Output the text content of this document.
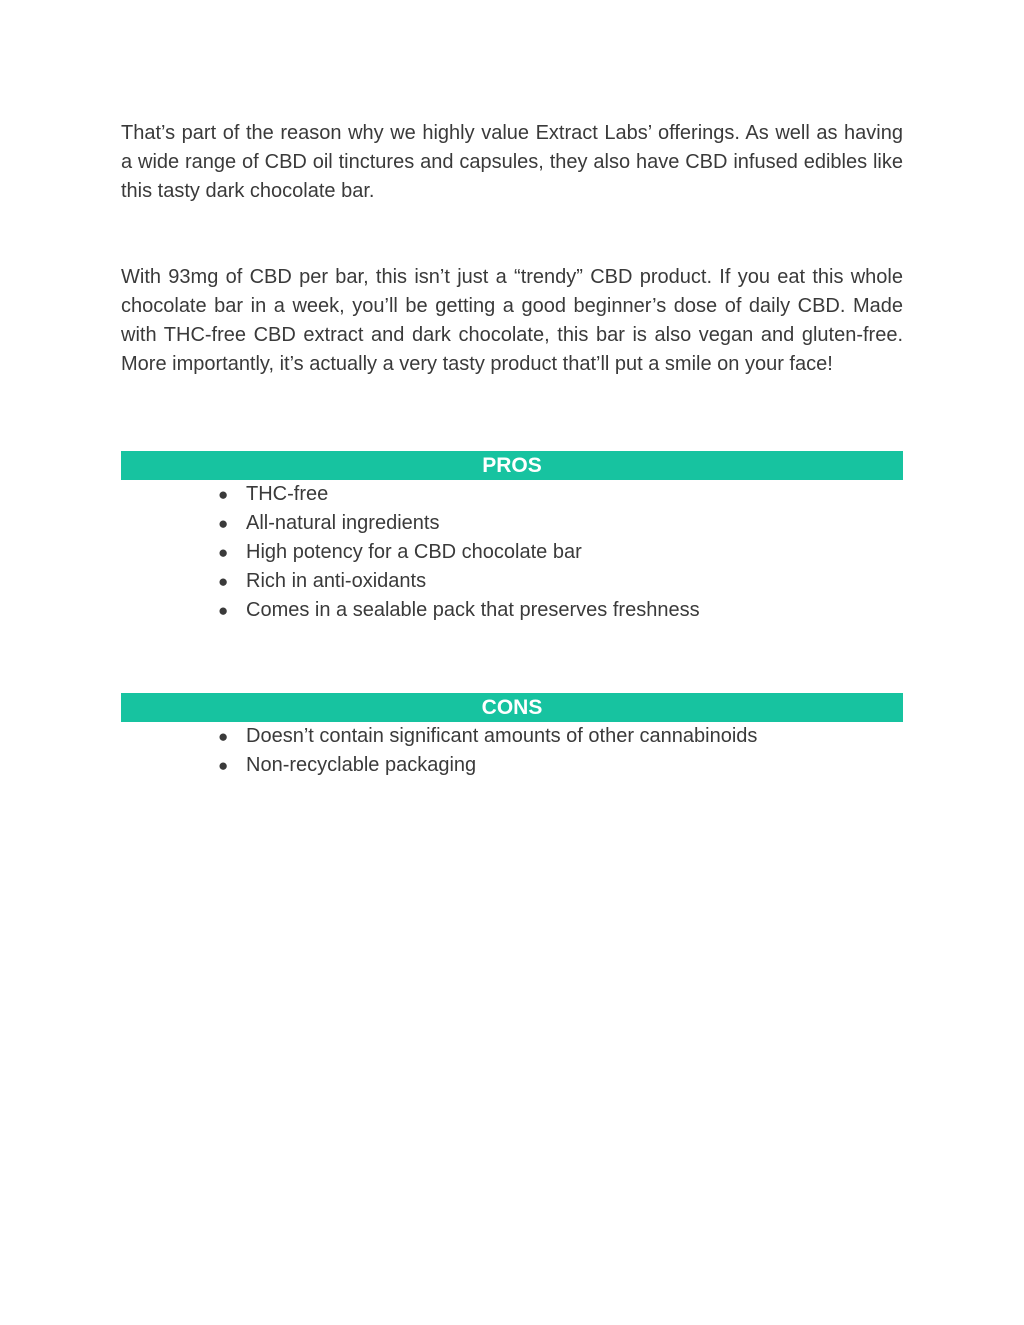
That’s part of the reason why we highly value Extract Labs’ offerings. As well as having a wide range of CBD oil tinctures and capsules, they also have CBD infused edibles like this tasty dark chocolate bar.

With 93mg of CBD per bar, this isn’t just a “trendy” CBD product. If you eat this whole chocolate bar in a week, you’ll be getting a good beginner’s dose of daily CBD. Made with THC-free CBD extract and dark chocolate, this bar is also vegan and gluten-free. More importantly, it’s actually a very tasty product that’ll put a smile on your face!

PROS
● THC-free
● All-natural ingredients
● High potency for a CBD chocolate bar
● Rich in anti-oxidants
● Comes in a sealable pack that preserves freshness
CONS
● Doesn’t contain significant amounts of other cannabinoids
● Non-recyclable packaging
